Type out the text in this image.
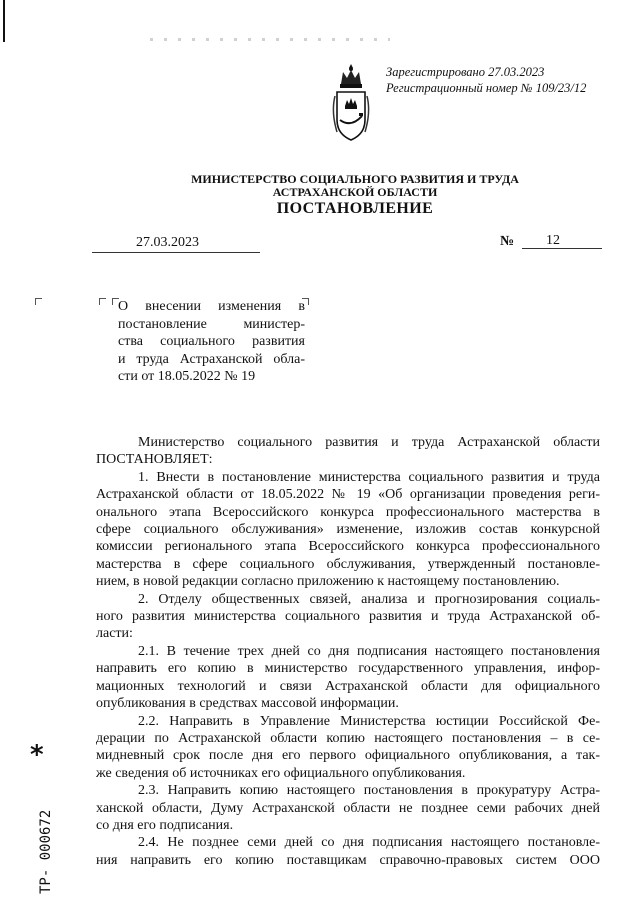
Зарегистрировано 27.03.2023
Регистрационный номер № 109/23/12
МИНИСТЕРСТВО СОЦИАЛЬНОГО РАЗВИТИЯ И ТРУДА
АСТРАХАНСКОЙ ОБЛАСТИ
ПОСТАНОВЛЕНИЕ
27.03.2023	№ 12
О внесении изменения в
постановление министер-
ства социального развития
и труда Астраханской обла-
сти от 18.05.2022 № 19
Министерство социального развития и труда Астраханской области
ПОСТАНОВЛЯЕТ:
1. Внести в постановление министерства социального развития и труда
Астраханской области от 18.05.2022 № 19 «Об организации проведения реги-
онального этапа Всероссийского конкурса профессионального мастерства в
сфере социального обслуживания» изменение, изложив состав конкурсной
комиссии регионального этапа Всероссийского конкурса профессионального
мастерства в сфере социального обслуживания, утвержденный постановле-
нием, в новой редакции согласно приложению к настоящему постановлению.
2. Отделу общественных связей, анализа и прогнозирования социаль-
ного развития министерства социального развития и труда Астраханской об-
ласти:
2.1. В течение трех дней со дня подписания настоящего постановления
направить его копию в министерство государственного управления, инфор-
мационных технологий и связи Астраханской области для официального
опубликования в средствах массовой информации.
2.2. Направить в Управление Министерства юстиции Российской Фе-
дерации по Астраханской области копию настоящего постановления – в се-
мидневный срок после дня его первого официального опубликования, а так-
же сведения об источниках его официального опубликования.
2.3. Направить копию настоящего постановления в прокуратуру Астра-
ханской области, Думу Астраханской области не позднее семи рабочих дней
со дня его подписания.
2.4. Не позднее семи дней со дня подписания настоящего постановле-
ния направить его копию поставщикам справочно-правовых систем ООО
*
ТР- 000672
